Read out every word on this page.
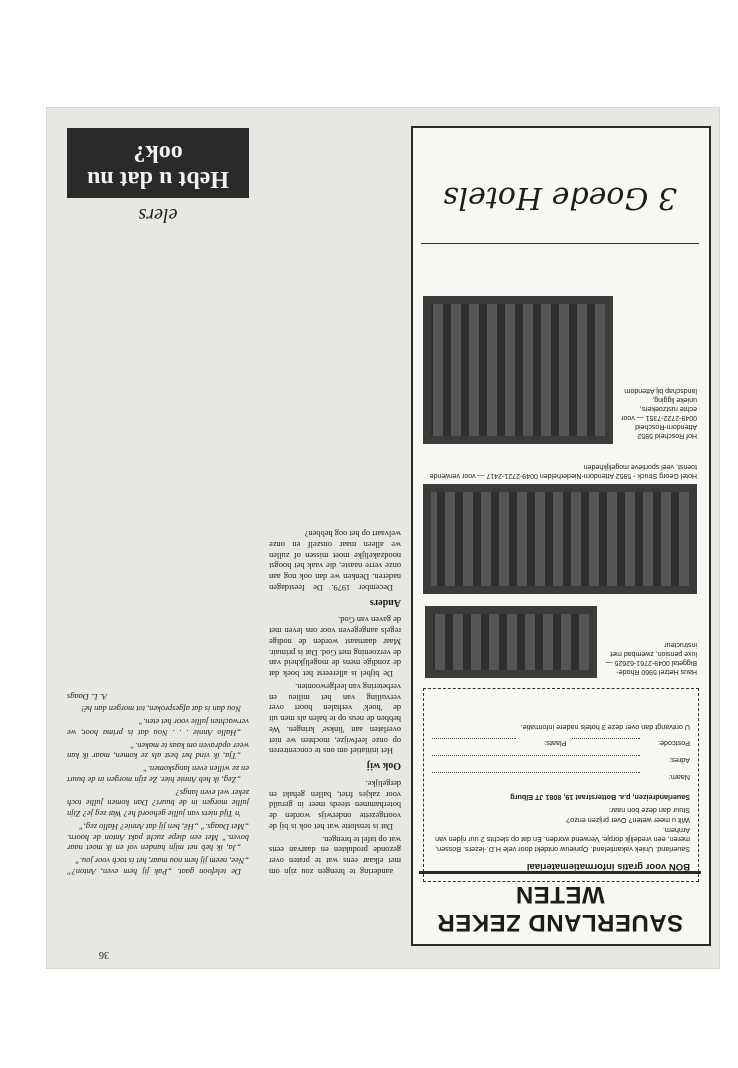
36
SAUERLAND ZEKER WETEN
BON voor gratis informatiemateriaal
Sauerland. Uniek vakantieland. Opnieuw ontdekt door vele H.D.-lezers. Bossen, meren, een vredelijk dorpje. Verwend worden. En dat op slechts 2 uur rijden van Arnhem.
Wilt u meer weten? Over prijzen enzo?
Stuur dan deze bon naar:
Sauerlandreizen, p.a. Botterstraat 19, 8081 JT Elburg
Naam:
Adres:
Postcode:
Plaats:
U ontvangt dan over deze 3 hotels nadere informatie.
Haus Hetzel 5960 Rhode-Biggetal 0049-2761-62625 — luxe pension, zwembad met instructeur
Hotel Georg Struck - 5952 Attendorn-Niederhelden 0049-2721-2417 — voor verwende toerist, veel sportieve mogelijkheden
Hof Roscheid 5952 Attendorn-Roscheid 0049-2722-7351 — voor echte rustzoekers, unieke ligging, landschap bij Attendorn
3 Goede Hotels

aandering te brengen zou zijn om met elkaar eens wat te praten over gezonde produkten en daarvan eens wat op tafel te brengen.

Dat is tenslotte wat het ook is bij de voortgezette onderwijs worden de boterhammen steeds meer in geruild voor zakjes friet, ballen gehakt en dergelijke.

Ook wij

Het initiatief om ons te concentreren op onze leefwijze, mochten we niet overlaten aan 'linkse' kringen. We hebben de neus op te halen als men uit de 'hoek' verhalen hoort over vervuiling van het milieu en verbetering van leefgewoonten.

De bijbel is allereerst het boek dat de zondige mens de mogelijkheid van de verzoening met God. Dat is primair. Maar daarnaast worden de nodige regels aangegeven voor ons leven met de gaven van God.

Anders

December 1979. De feestdagen naderen. Denken we dan ook nog aan onze verre naaste, die vaak het hoogst noodzakelijke moet missen of zullen we alleen maar onszelf en onze welvaart op het oog hebben?

De telefoon gaat. „Pak jij hem even, Anton?” „Nee, neem jij hem nou maar, het is toch voor jou.”

„Ja, ik heb net mijn handen vol en ik moet naar boven.” Met een diepe zucht pakt Anton de hoorn. „Met Daags.” „Hé, ben jij dat Annie? Hallo zeg,”

'n Tijd niets van jullie gehoord he? Wat zeg je? Zijn jullie morgen in de buurt? Dan komen jullie toch zeker wel even langs?

„Zeg, ik heb Annie hier. Ze zijn morgen in de buurt en ze willen even langskomen.”

„Tja, ik vind het best als ze komen, maar ik kan weer opdraven om kaas te maken.”

„Hallo Annie . . . Nou dat is prima hoor, we verwachten jullie voor het eten.”

Nou dan is dat afgesproken, tot morgen dan hé!

A. L. Daags
elers
Hebt u dat nu ook?
